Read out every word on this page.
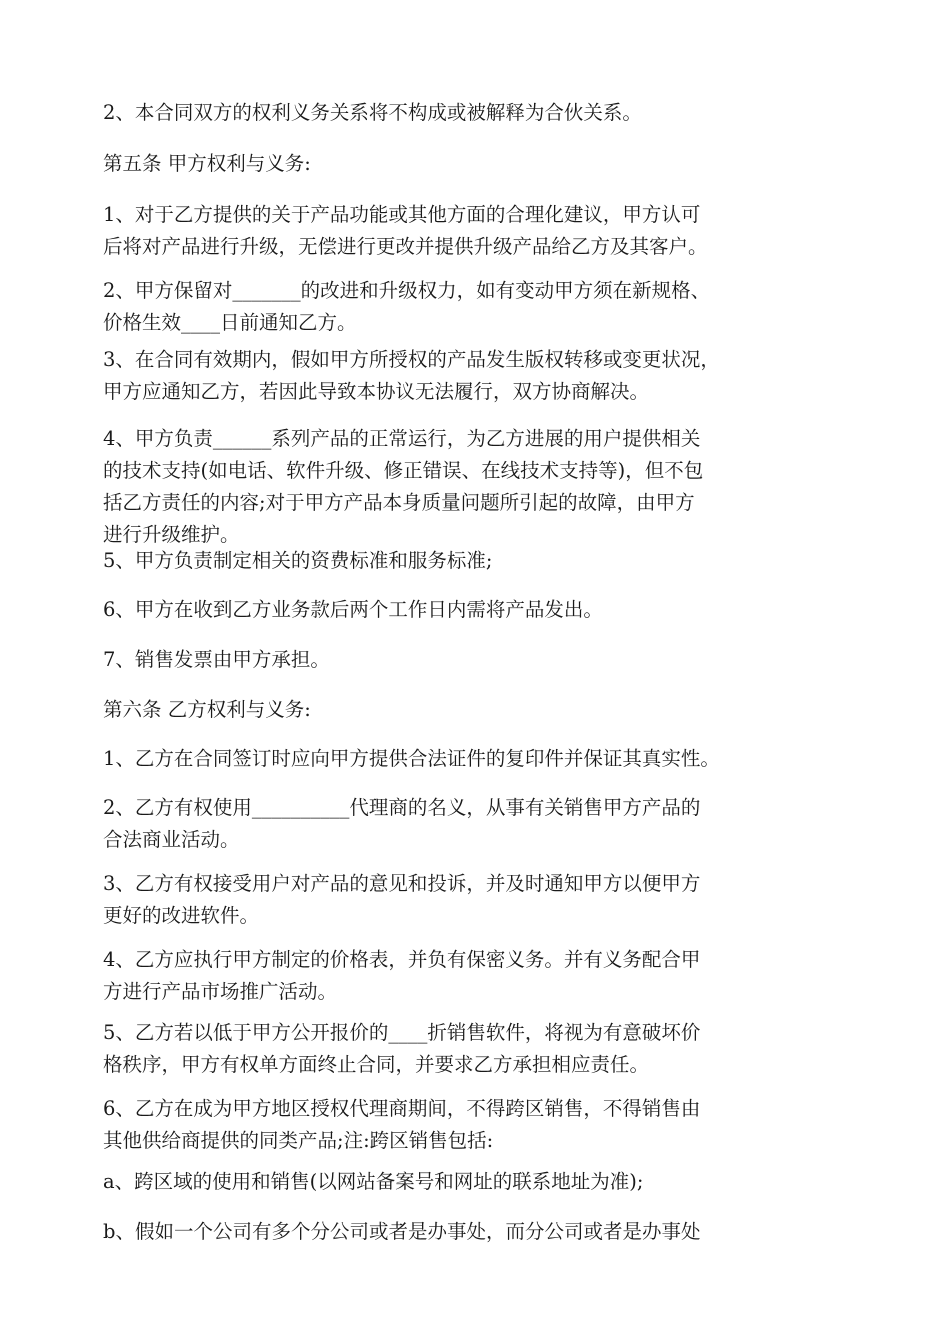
2、本合同双方的权利义务关系将不构成或被解释为合伙关系。
第五条 甲方权利与义务:
1、对于乙方提供的关于产品功能或其他方面的合理化建议，甲方认可
后将对产品进行升级，无偿进行更改并提供升级产品给乙方及其客户。
2、甲方保留对_______的改进和升级权力，如有变动甲方须在新规格、
价格生效____日前通知乙方。
3、在合同有效期内，假如甲方所授权的产品发生版权转移或变更状况，
甲方应通知乙方，若因此导致本协议无法履行，双方协商解决。
4、甲方负责______系列产品的正常运行，为乙方进展的用户提供相关
的技术支持(如电话、软件升级、修正错误、在线技术支持等)，但不包
括乙方责任的内容;对于甲方产品本身质量问题所引起的故障，由甲方
进行升级维护。
5、甲方负责制定相关的资费标准和服务标准;
6、甲方在收到乙方业务款后两个工作日内需将产品发出。
7、销售发票由甲方承担。
第六条 乙方权利与义务:
1、乙方在合同签订时应向甲方提供合法证件的复印件并保证其真实性。
2、乙方有权使用__________代理商的名义，从事有关销售甲方产品的
合法商业活动。
3、乙方有权接受用户对产品的意见和投诉，并及时通知甲方以便甲方
更好的改进软件。
4、乙方应执行甲方制定的价格表，并负有保密义务。并有义务配合甲
方进行产品市场推广活动。
5、乙方若以低于甲方公开报价的____折销售软件，将视为有意破坏价
格秩序，甲方有权单方面终止合同，并要求乙方承担相应责任。
6、乙方在成为甲方地区授权代理商期间，不得跨区销售，不得销售由
其他供给商提供的同类产品;注:跨区销售包括:
a、跨区域的使用和销售(以网站备案号和网址的联系地址为准);
b、假如一个公司有多个分公司或者是办事处，而分公司或者是办事处
